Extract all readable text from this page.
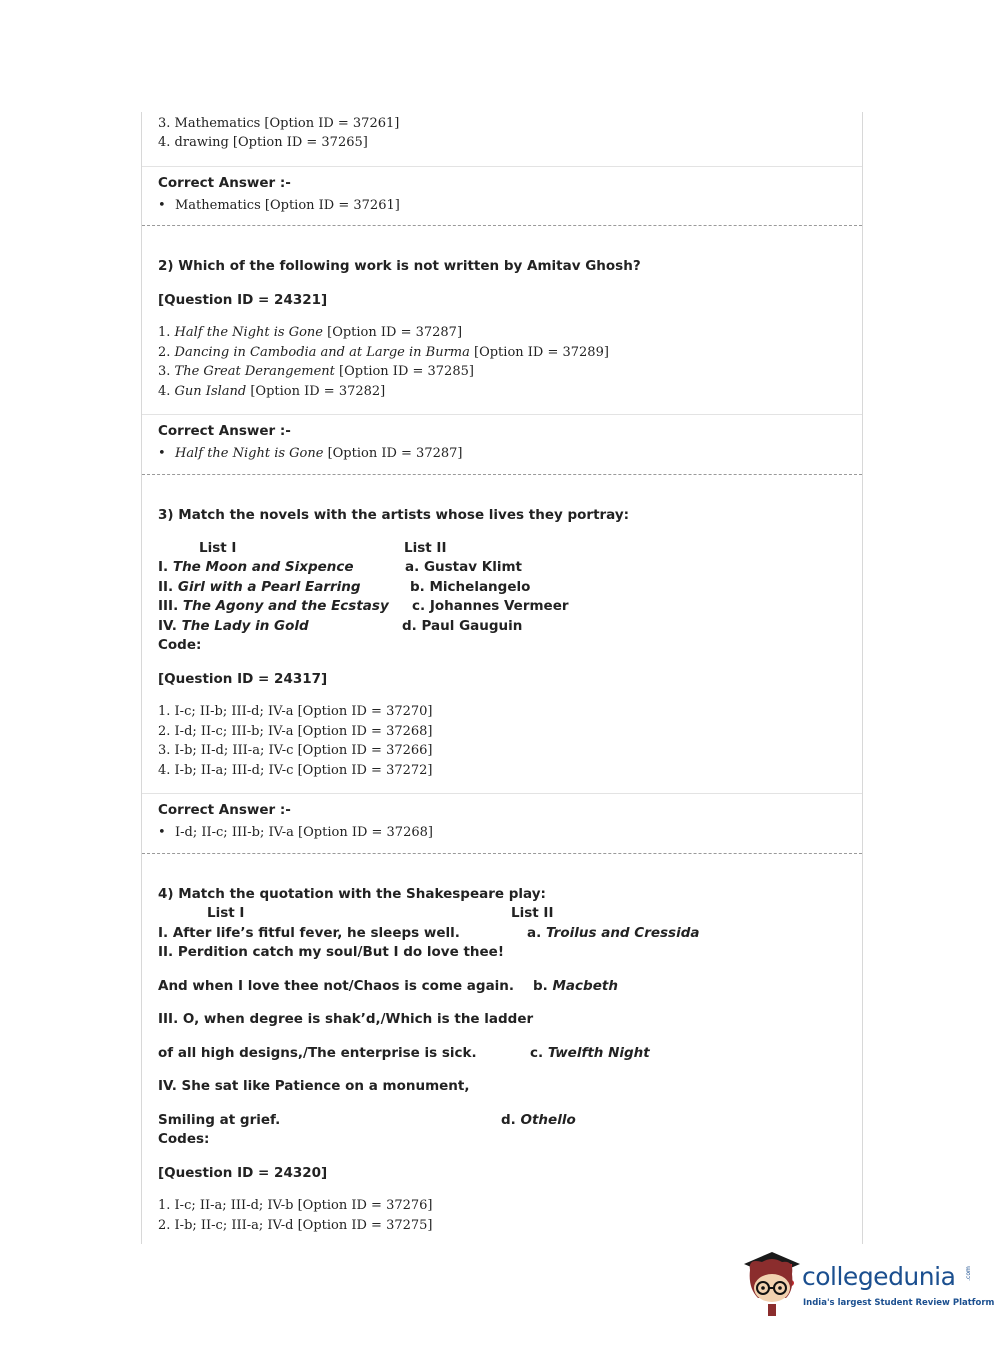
3. Mathematics [Option ID = 37261]
4. drawing [Option ID = 37265]
Correct Answer :-
• Mathematics [Option ID = 37261]
2) Which of the following work is not written by Amitav Ghosh?
[Question ID = 24321]
1. Half the Night is Gone [Option ID = 37287]
2. Dancing in Cambodia and at Large in Burma [Option ID = 37289]
3. The Great Derangement [Option ID = 37285]
4. Gun Island [Option ID = 37282]
Correct Answer :-
• Half the Night is Gone [Option ID = 37287]
3) Match the novels with the artists whose lives they portray:
List I	List II
I. The Moon and Sixpence
II. Girl with a Pearl Earring
III. The Agony and the Ecstasy
IV. The Lady in Gold
a. Gustav Klimt
b. Michelangelo
c. Johannes Vermeer
d. Paul Gauguin
Code:
[Question ID = 24317]
1. I-c; II-b; III-d; IV-a [Option ID = 37270]
2. I-d; II-c; III-b; IV-a [Option ID = 37268]
3. I-b; II-d; III-a; IV-c [Option ID = 37266]
4. I-b; II-a; III-d; IV-c [Option ID = 37272]
Correct Answer :-
• I-d; II-c; III-b; IV-a [Option ID = 37268]
4) Match the quotation with the Shakespeare play:
List I	List II
I. After life’s fitful fever, he sleeps well.
II. Perdition catch my soul/But I do love thee!
And when I love thee not/Chaos is come again.
III. O, when degree is shak’d,/Which is the ladder
of all high designs,/The enterprise is sick.
IV. She sat like Patience on a monument,
Smiling at grief.
a. Troilus and Cressida
b. Macbeth
c. Twelfth Night
d. Othello
Codes:
[Question ID = 24320]
1. I-c; II-a; III-d; IV-b [Option ID = 37276]
2. I-b; II-c; III-a; IV-d [Option ID = 37275]
collegedunia .com
India's largest Student Review Platform
